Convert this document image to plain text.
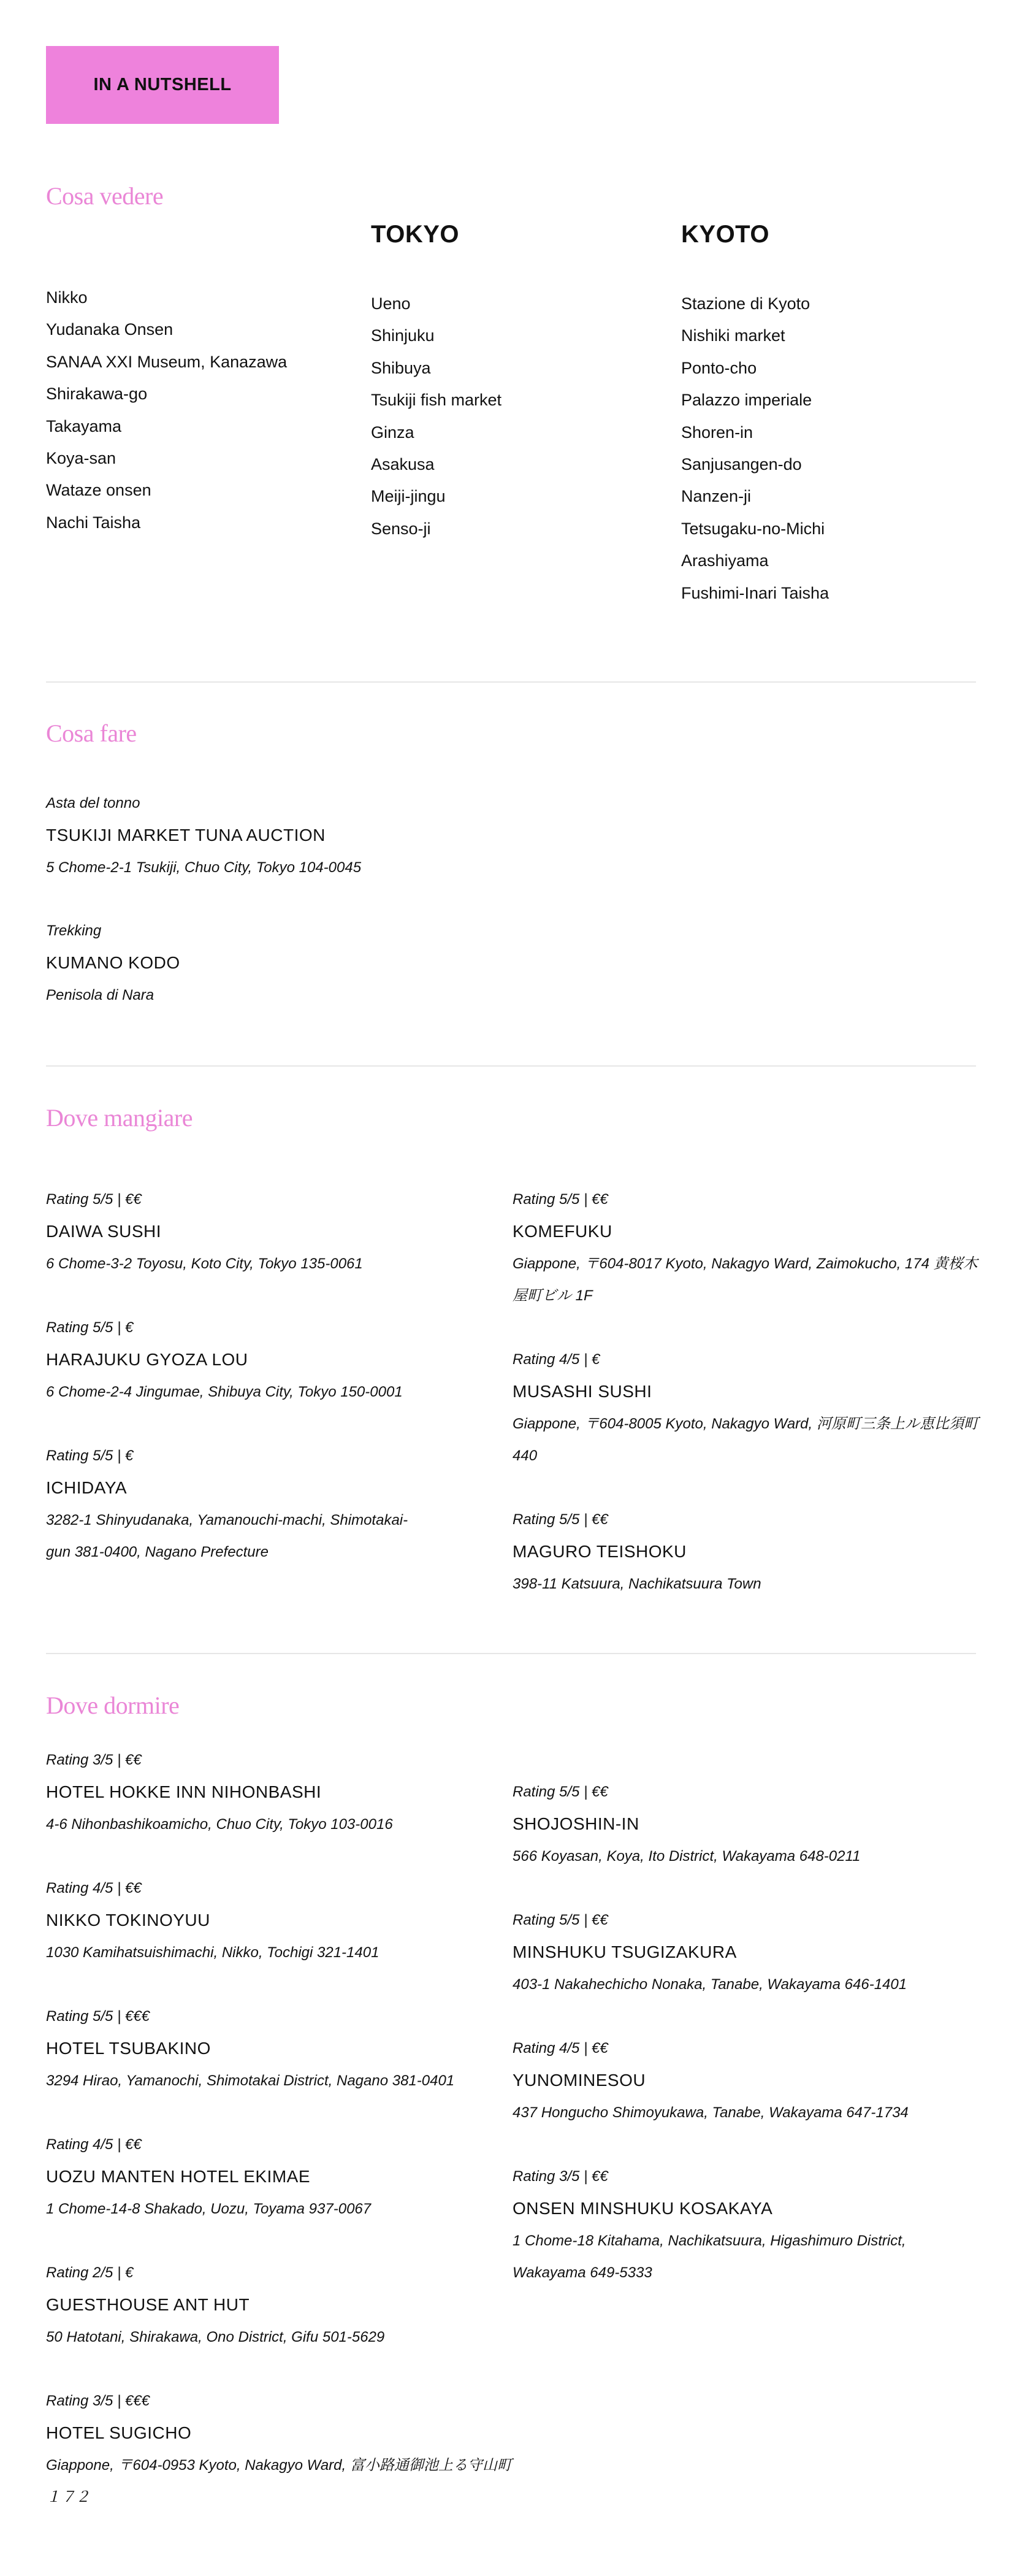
IN A NUTSHELL
Cosa vedere
Nikko
Yudanaka Onsen
SANAA XXI Museum, Kanazawa
Shirakawa-go
Takayama
Koya-san
Wataze onsen
Nachi Taisha
TOKYO
Ueno
Shinjuku
Shibuya
Tsukiji fish market
Ginza
Asakusa
Meiji-jingu
Senso-ji
KYOTO
Stazione di Kyoto
Nishiki market
Ponto-cho
Palazzo imperiale
Shoren-in
Sanjusangen-do
Nanzen-ji
Tetsugaku-no-Michi
Arashiyama
Fushimi-Inari Taisha
Cosa fare
Asta del tonno
TSUKIJI MARKET TUNA AUCTION
5 Chome-2-1 Tsukiji, Chuo City, Tokyo 104-0045
Trekking
KUMANO KODO
Penisola di Nara
Dove mangiare
Rating 5/5 | €€
DAIWA SUSHI
6 Chome-3-2 Toyosu, Koto City, Tokyo 135-0061
Rating 5/5 | €
HARAJUKU GYOZA LOU
6 Chome-2-4 Jingumae, Shibuya City, Tokyo 150-0001
Rating 5/5 | €
ICHIDAYA
3282-1 Shinyudanaka, Yamanouchi-machi, Shimotakai-gun 381-0400, Nagano Prefecture
Rating 5/5 | €€
KOMEFUKU
Giappone, 〒604-8017 Kyoto, Nakagyo Ward, Zaimokucho, 174 黄桜木屋町ビル 1F
Rating 4/5 | €
MUSASHI SUSHI
Giappone, 〒604-8005 Kyoto, Nakagyo Ward, 河原町三条上ル恵比須町440
Rating 5/5 | €€
MAGURO TEISHOKU
398-11 Katsuura, Nachikatsuura Town
Dove dormire
Rating 3/5 | €€
HOTEL HOKKE INN NIHONBASHI
4-6 Nihonbashikoamicho, Chuo City, Tokyo 103-0016
Rating 4/5 | €€
NIKKO TOKINOYUU
1030 Kamihatsuishimachi, Nikko, Tochigi 321-1401
Rating 5/5 | €€€
HOTEL TSUBAKINO
3294 Hirao, Yamanochi, Shimotakai District, Nagano 381-0401
Rating 4/5 | €€
UOZU MANTEN HOTEL EKIMAE
1 Chome-14-8 Shakado, Uozu, Toyama 937-0067
Rating 2/5 | €
GUESTHOUSE ANT HUT
50 Hatotani, Shirakawa, Ono District, Gifu 501-5629
Rating 3/5 | €€€
HOTEL SUGICHO
Giappone, 〒604-0953 Kyoto, Nakagyo Ward, 富小路通御池上る守山町１７２
Rating 5/5 | €€
SHOJOSHIN-IN
566 Koyasan, Koya, Ito District, Wakayama 648-0211
Rating 5/5 | €€
MINSHUKU TSUGIZAKURA
403-1 Nakahechicho Nonaka, Tanabe, Wakayama 646-1401
Rating 4/5 | €€
YUNOMINESOU
437 Honguchо Shimoyukawa, Tanabe, Wakayama 647-1734
Rating 3/5 | €€
ONSEN MINSHUKU KOSAKAYA
1 Chome-18 Kitahama, Nachikatsuura, Higashimuro District, Wakayama 649-5333
